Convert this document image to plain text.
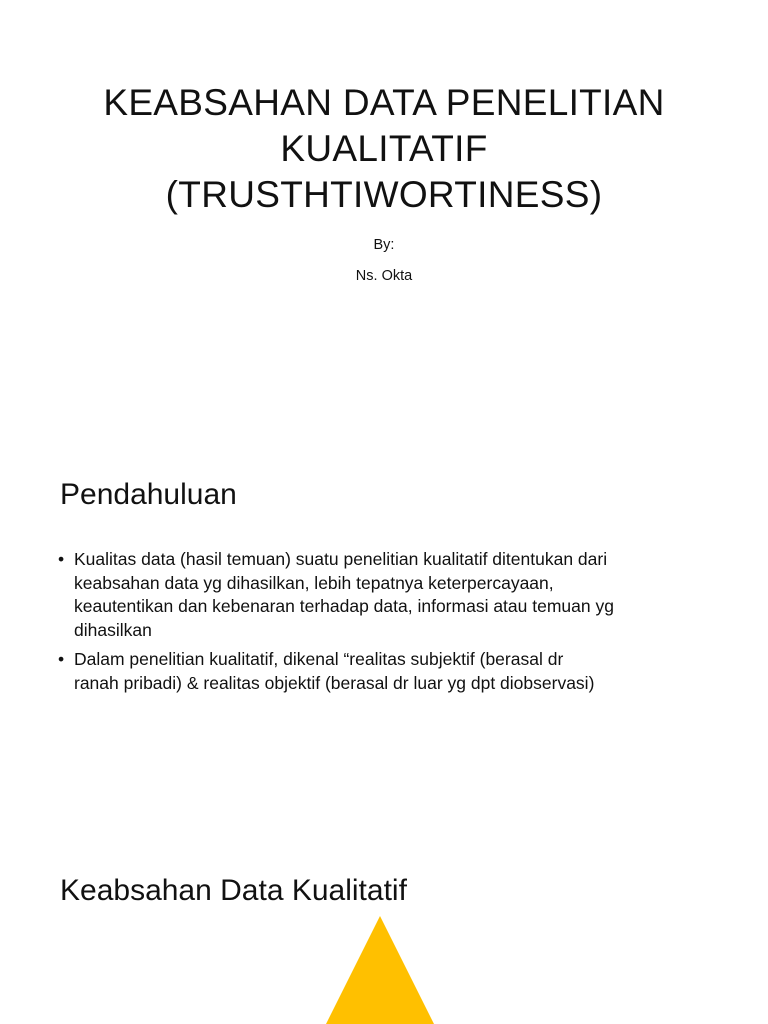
KEABSAHAN DATA PENELITIAN
KUALITATIF
(TRUSTHTIWORTINESS)
By:
Ns. Okta
Pendahuluan
• Kualitas data (hasil temuan) suatu penelitian kualitatif ditentukan dari
keabsahan data yg dihasilkan, lebih tepatnya keterpercayaan,
keautentikan dan kebenaran terhadap data, informasi atau temuan yg
dihasilkan
• Dalam penelitian kualitatif, dikenal “realitas subjektif (berasal dr
ranah pribadi) & realitas objektif (berasal dr luar yg dpt diobservasi)
Keabsahan Data Kualitatif
